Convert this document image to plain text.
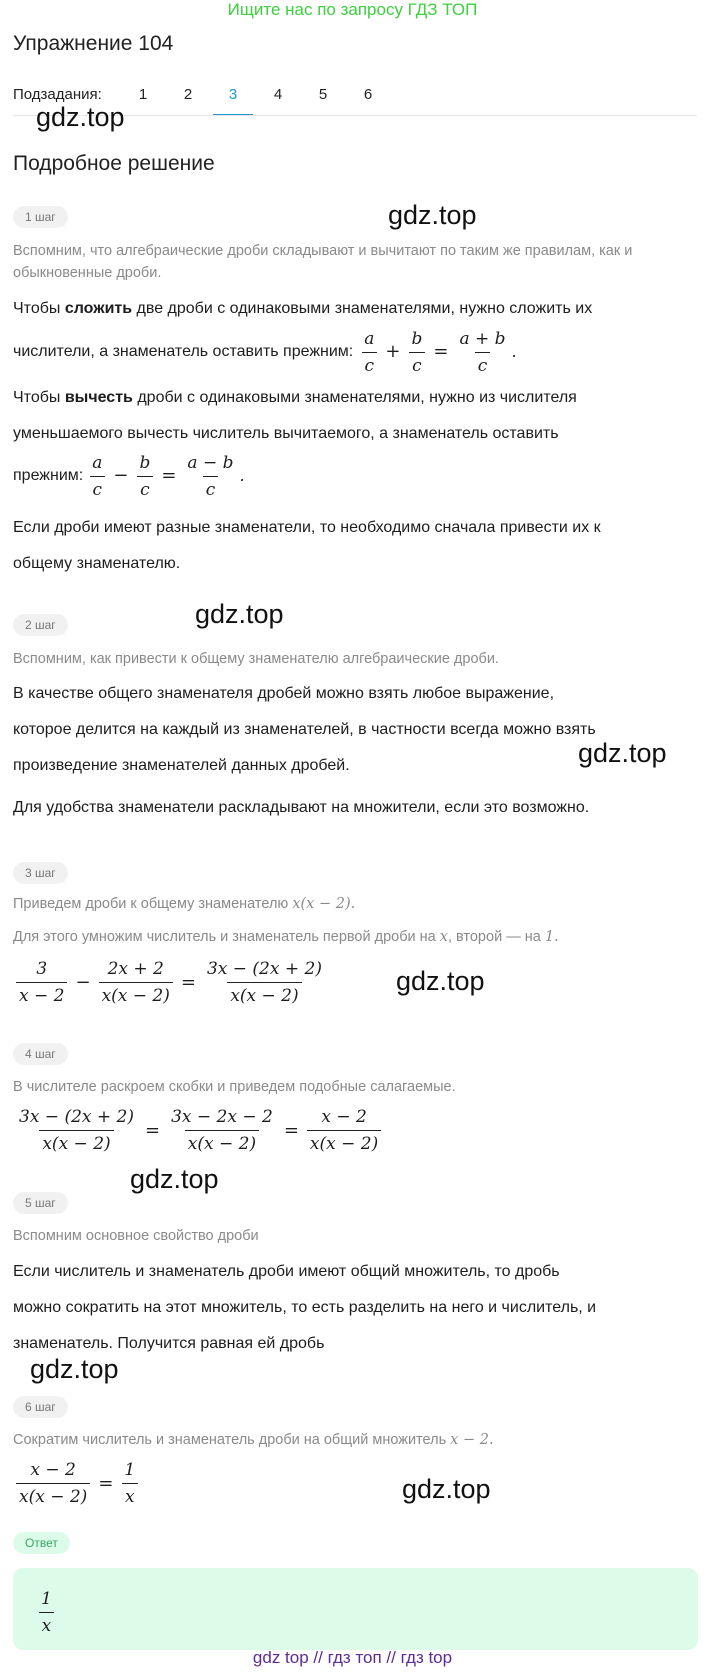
Ищите нас по запросу ГДЗ ТОП
Упражнение 104
Подзадания:	1	2	3	4	5	6
gdz.top
Подробное решение
1 шаг	gdz.top
Вспомним, что алгебраические дроби складывают и вычитают по таким же правилам, как и обыкновенные дроби.
Чтобы сложить две дроби с одинаковыми знаменателями, нужно сложить их
числители, а знаменатель оставить прежним: $\frac{a}{c} + \frac{b}{c} = \frac{a + b}{c}$ .
Чтобы вычесть дроби с одинаковыми знаменателями, нужно из числителя
уменьшаемого вычесть числитель вычитаемого, а знаменатель оставить
прежним: $\frac{a}{c} - \frac{b}{c} = \frac{a - b}{c}$ .
Если дроби имеют разные знаменатели, то необходимо сначала привести их к
общему знаменателю.
2 шаг	gdz.top
Вспомним, как привести к общему знаменателю алгебраические дроби.
В качестве общего знаменателя дробей можно взять любое выражение,
которое делится на каждый из знаменателей, в частности всегда можно взять
произведение знаменателей данных дробей.	gdz.top
Для удобства знаменатели раскладывают на множители, если это возможно.
3 шаг
Приведем дроби к общему знаменателю x(x − 2).
Для этого умножим числитель и знаменатель первой дроби на x, второй — на 1.
$\frac{3}{x - 2} - \frac{2x + 2}{x(x - 2)} = \frac{3x - (2x + 2)}{x(x - 2)}$	gdz.top
4 шаг
В числителе раскроем скобки и приведем подобные салагаемые.
$\frac{3x - (2x + 2)}{x(x - 2)} = \frac{3x - 2x - 2}{x(x - 2)} = \frac{x - 2}{x(x - 2)}$
gdz.top
5 шаг
Вспомним основное свойство дроби
Если числитель и знаменатель дроби имеют общий множитель, то дробь
можно сократить на этот множитель, то есть разделить на него и числитель, и
знаменатель. Получится равная ей дробь
gdz.top
6 шаг
Сократим числитель и знаменатель дроби на общий множитель x − 2.
$\frac{x - 2}{x(x - 2)} = \frac{1}{x}$	gdz.top
Ответ
$\frac{1}{x}$
gdz top // гдз топ // гдз top
